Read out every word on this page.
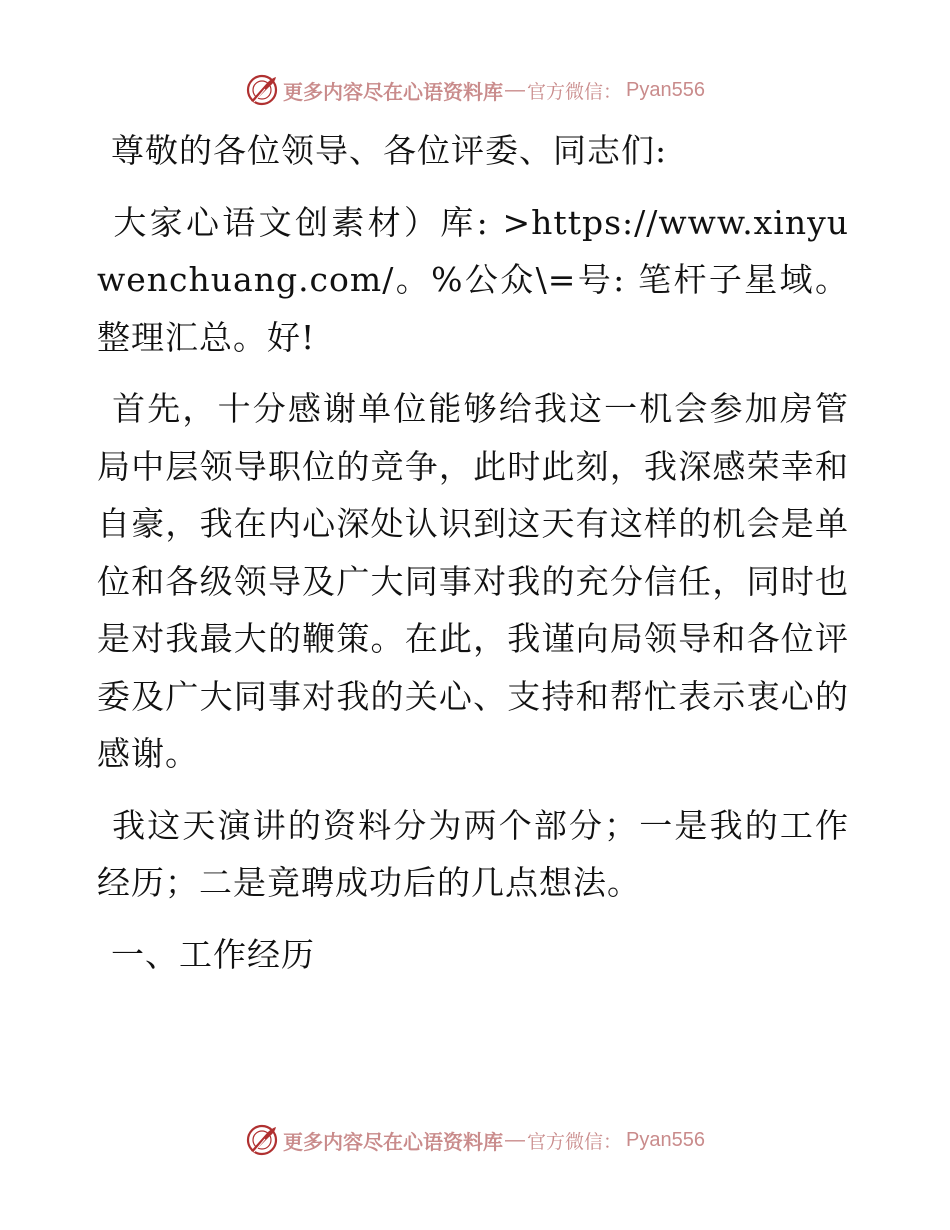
更多内容尽在心语资料库 — 官方微信： Pyan556

尊敬的各位领导、各位评委、同志们:

大家心语文创素材）库: >https://www.xinyuwenchuang.com/。%公众\=号: 笔杆子星域。整理汇总。好!

首先，十分感谢单位能够给我这一机会参加房管局中层领导职位的竞争，此时此刻，我深感荣幸和自豪，我在内心深处认识到这天有这样的机会是单位和各级领导及广大同事对我的充分信任，同时也是对我最大的鞭策。在此，我谨向局领导和各位评委及广大同事对我的关心、支持和帮忙表示衷心的感谢。

我这天演讲的资料分为两个部分；一是我的工作经历；二是竟聘成功后的几点想法。

一、工作经历

更多内容尽在心语资料库 — 官方微信： Pyan556
